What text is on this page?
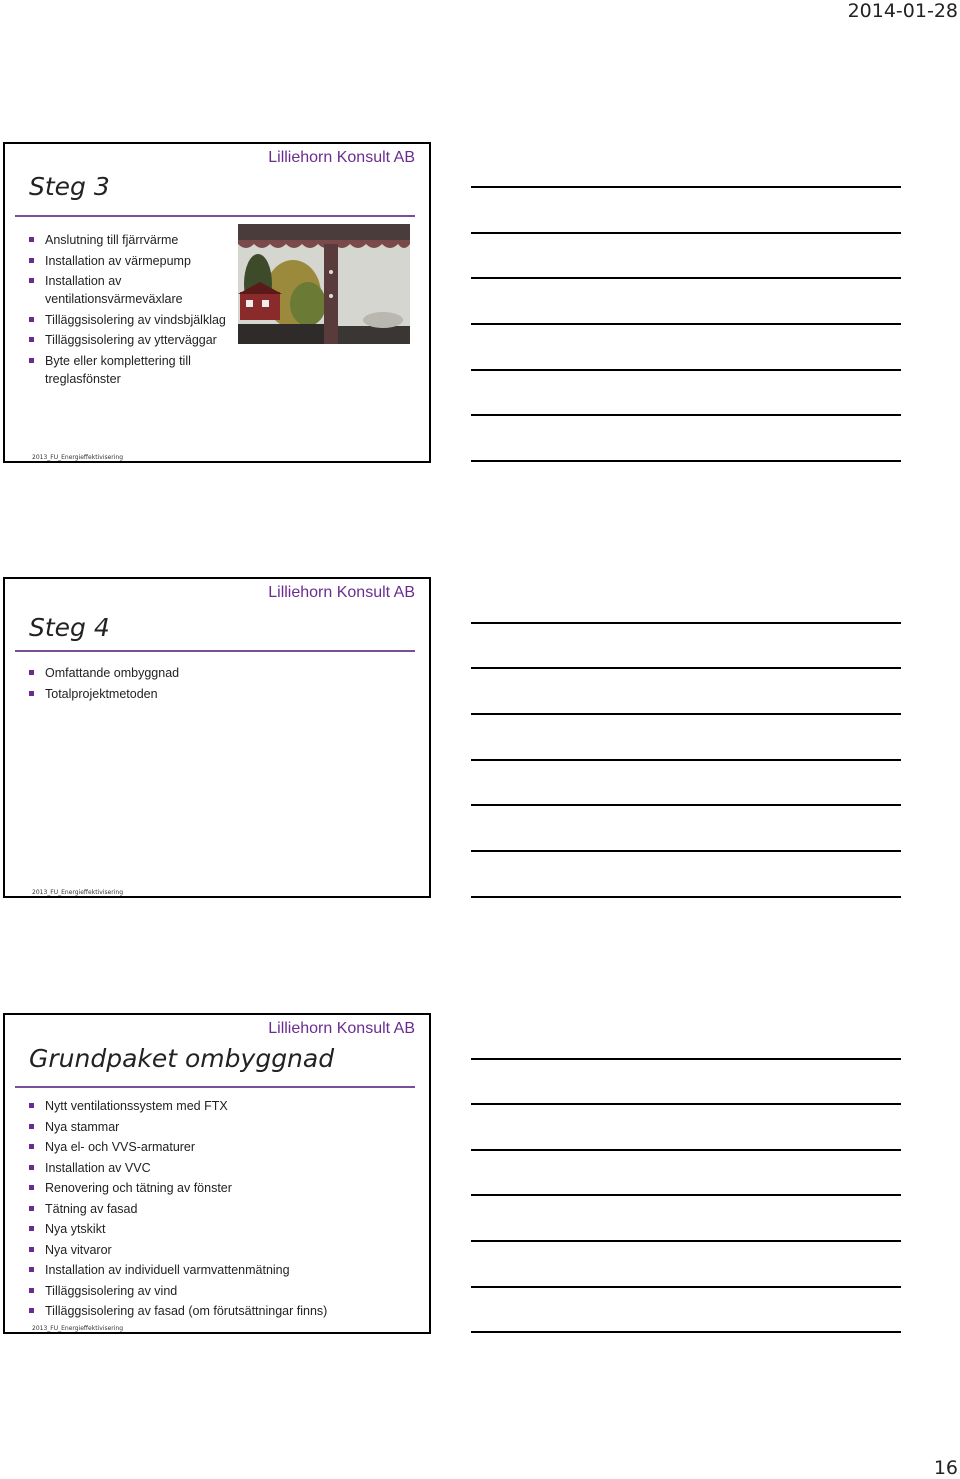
2014-01-28
Lilliehorn Konsult AB
Steg 3
Anslutning till fjärrvärme
Installation av värmepump
Installation av ventilationsvärmeväxlare
Tilläggsisolering av vindsbjälklag
Tilläggsisolering av ytterväggar
Byte eller komplettering till treglasfönster
2013_FU_Energieffektivisering
Lilliehorn Konsult AB
Steg 4
Omfattande ombyggnad
Totalprojektmetoden
2013_FU_Energieffektivisering
Lilliehorn Konsult AB
Grundpaket ombyggnad
Nytt ventilationssystem med FTX
Nya stammar
Nya el- och VVS-armaturer
Installation av VVC
Renovering och tätning av fönster
Tätning av fasad
Nya ytskikt
Nya vitvaror
Installation av individuell varmvattenmätning
Tilläggsisolering av vind
Tilläggsisolering av fasad (om förutsättningar finns)
2013_FU_Energieffektivisering
16
